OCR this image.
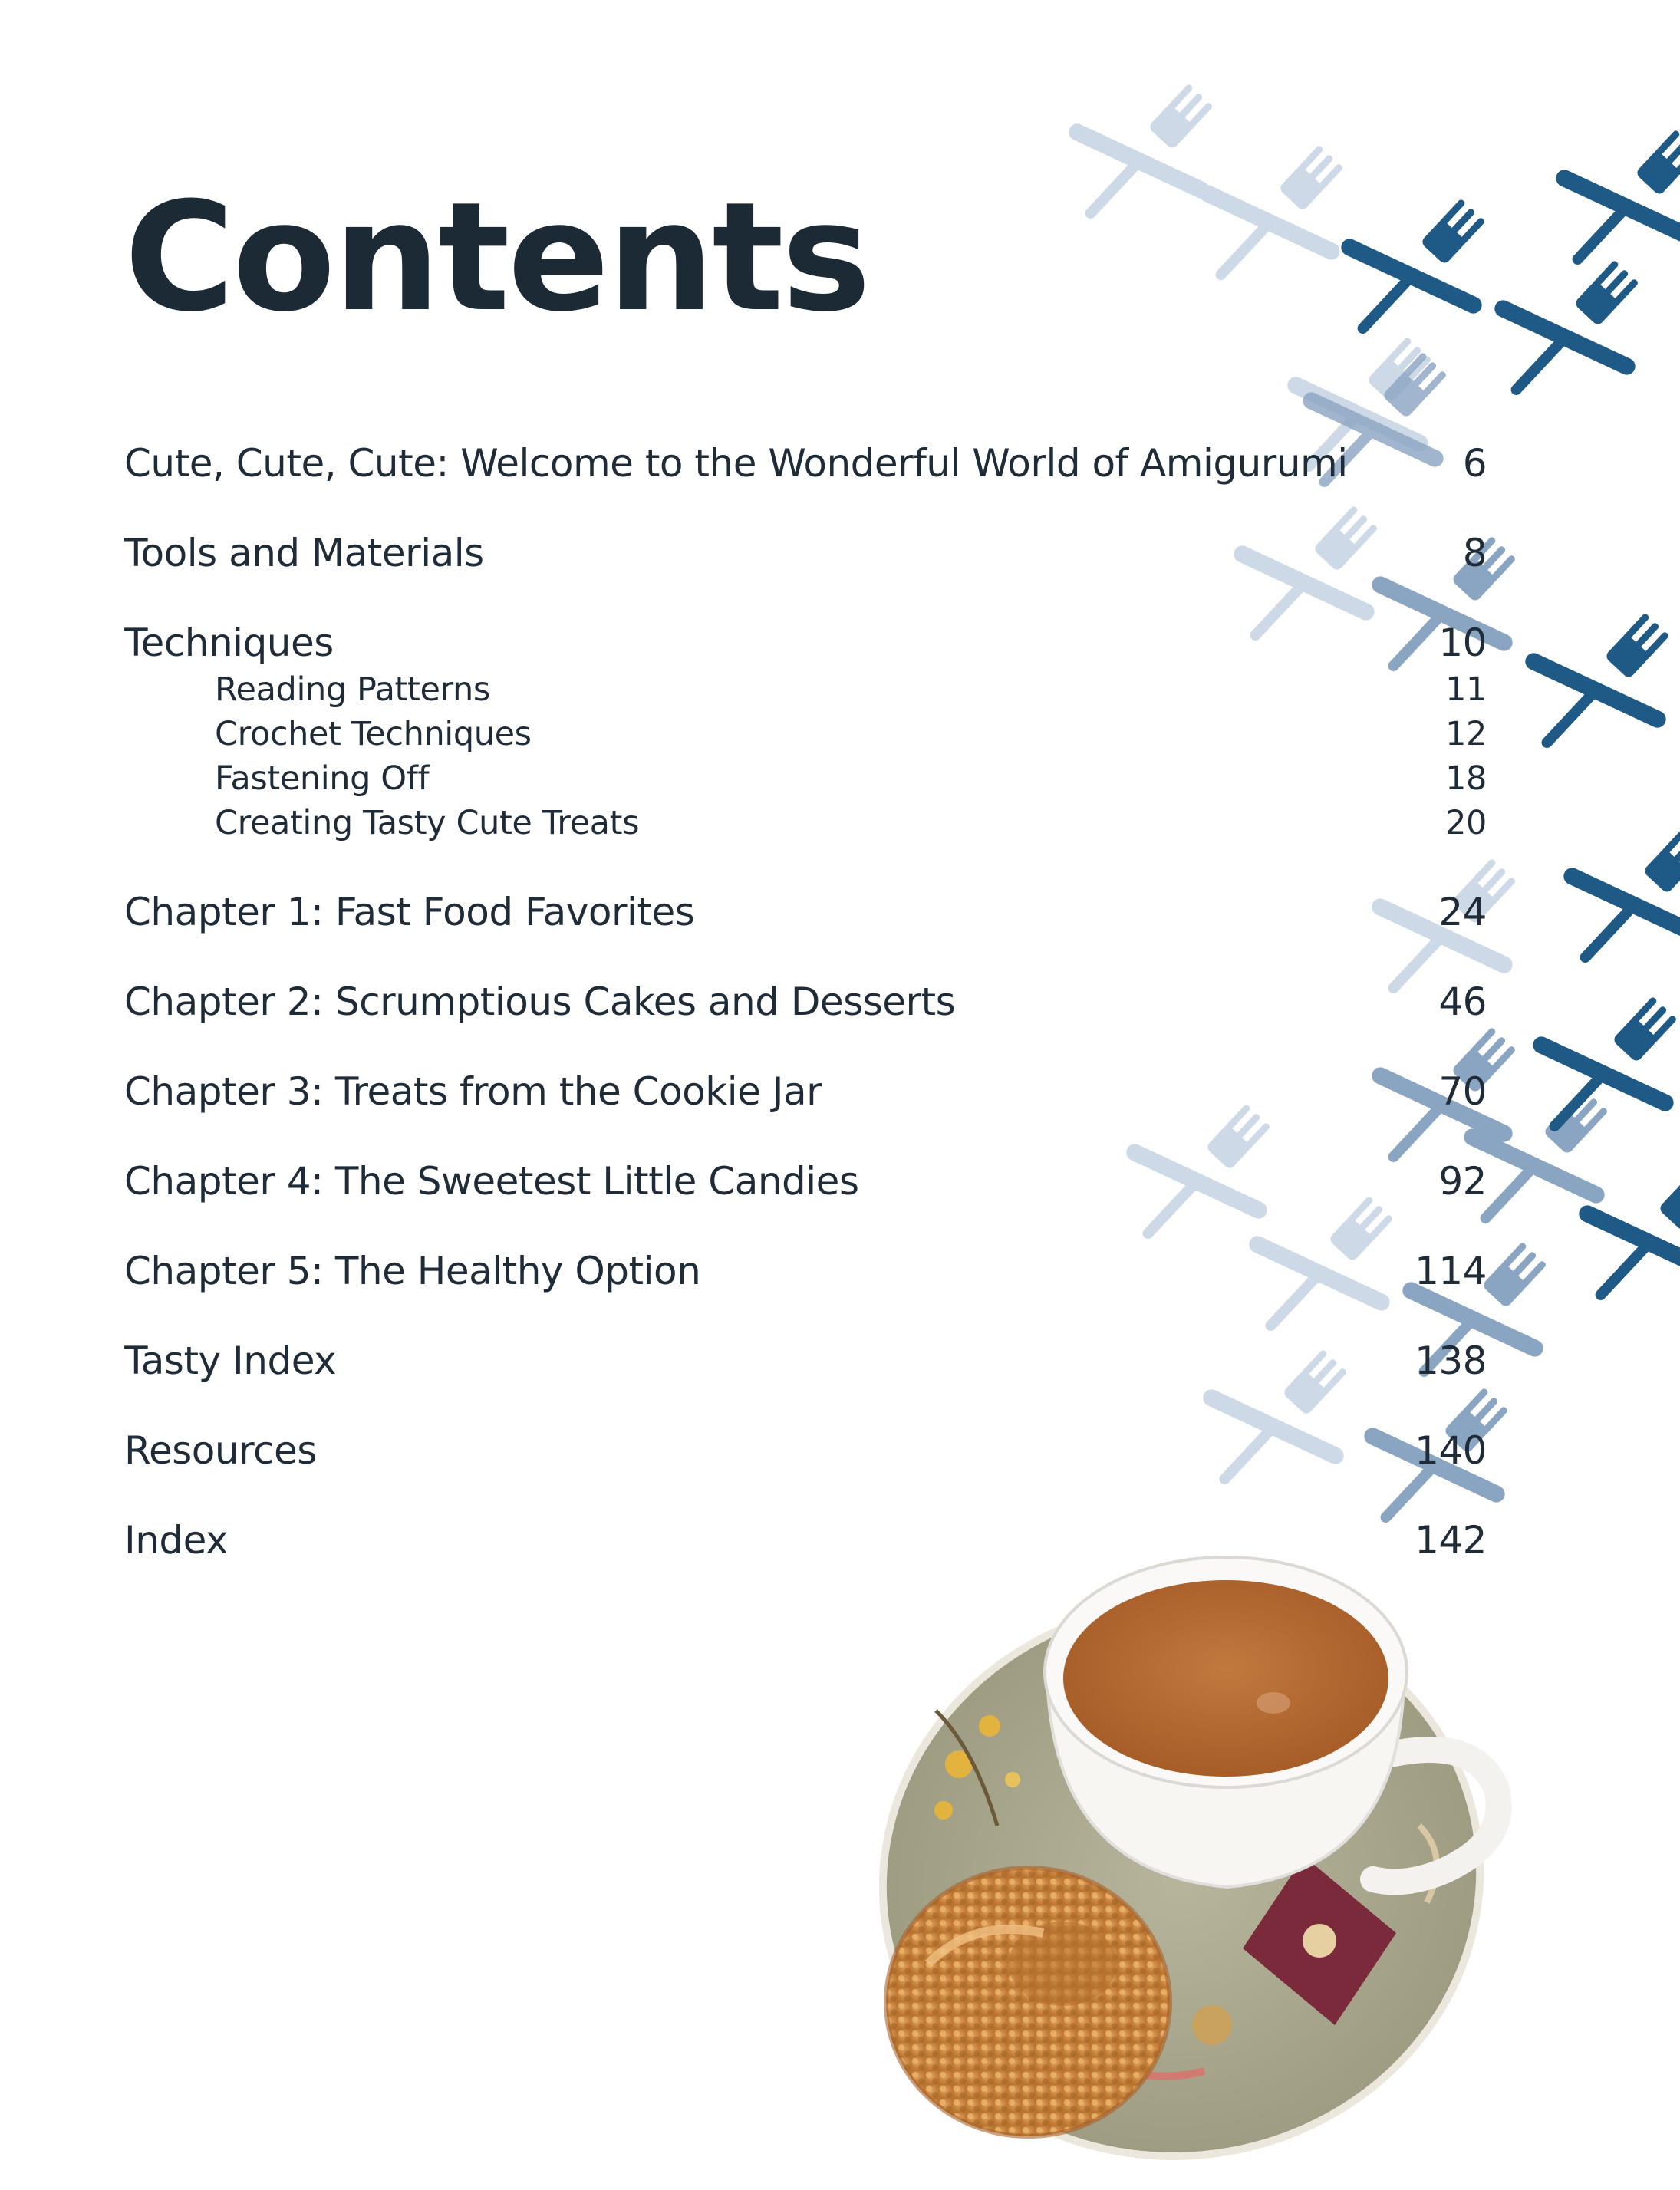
Contents
Cute, Cute, Cute: Welcome to the Wonderful World of Amigurumi	6
Tools and Materials	8
Techniques	10
Reading Patterns	11
Crochet Techniques	12
Fastening Off	18
Creating Tasty Cute Treats	20
Chapter 1: Fast Food Favorites	24
Chapter 2: Scrumptious Cakes and Desserts	46
Chapter 3: Treats from the Cookie Jar	70
Chapter 4: The Sweetest Little Candies	92
Chapter 5: The Healthy Option	114
Tasty Index	138
Resources	140
Index	142
